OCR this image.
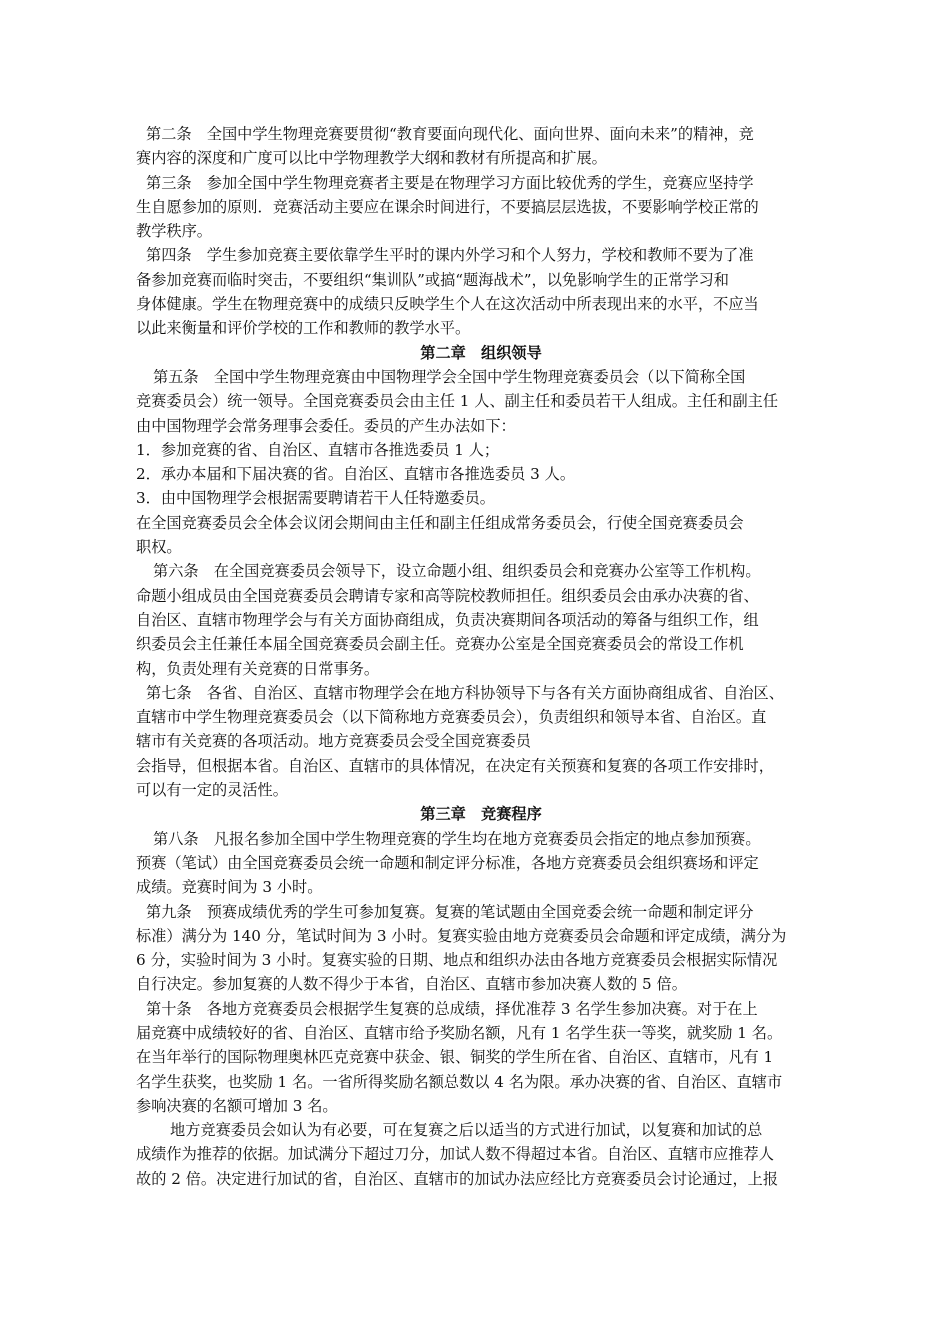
第二条　全国中学生物理竞赛要贯彻“教育要面向现代化、面向世界、面向未来”的精神，竞
赛内容的深度和广度可以比中学物理教学大纲和教材有所提高和扩展。
第三条　参加全国中学生物理竞赛者主要是在物理学习方面比较优秀的学生，竞赛应坚持学
生自愿参加的原则．竞赛活动主要应在课余时间进行，不要搞层层选拔，不要影响学校正常的
教学秩序。
第四条　学生参加竞赛主要依靠学生平时的课内外学习和个人努力，学校和教师不要为了准
备参加竞赛而临时突击，不要组织“集训队”或搞“题海战术”，以免影响学生的正常学习和
身体健康。学生在物理竞赛中的成绩只反映学生个人在这次活动中所表现出来的水平，不应当
以此来衡量和评价学校的工作和教师的教学水平。
第二章　组织领导
第五条　全国中学生物理竞赛由中国物理学会全国中学生物理竞赛委员会（以下简称全国
竞赛委员会）统一领导。全国竞赛委员会由主任 1 人、副主任和委员若干人组成。主任和副主任
由中国物理学会常务理事会委任。委员的产生办法如下：
1．参加竞赛的省、自治区、直辖市各推选委员 1 人；
2．承办本届和下届决赛的省。自治区、直辖市各推选委员 3 人。
3．由中国物理学会根据需要聘请若干人任特邀委员。
在全国竞赛委员会全体会议闭会期间由主任和副主任组成常务委员会，行使全国竞赛委员会
职权。
第六条　在全国竞赛委员会领导下，设立命题小组、组织委员会和竞赛办公室等工作机构。
命题小组成员由全国竞赛委员会聘请专家和高等院校教师担任。组织委员会由承办决赛的省、
自治区、直辖市物理学会与有关方面协商组成，负责决赛期间各项活动的筹备与组织工作，组
织委员会主任兼任本届全国竞赛委员会副主任。竞赛办公室是全国竞赛委员会的常设工作机
构，负责处理有关竞赛的日常事务。
第七条　各省、自治区、直辖市物理学会在地方科协领导下与各有关方面协商组成省、自治区、
直辖市中学生物理竞赛委员会（以下简称地方竞赛委员会），负责组织和领导本省、自治区。直
辖市有关竞赛的各项活动。地方竞赛委员会受全国竞赛委员
会指导，但根据本省。自治区、直辖市的具体情况，在决定有关预赛和复赛的各项工作安排时，
可以有一定的灵活性。
第三章　竞赛程序
第八条　凡报名参加全国中学生物理竞赛的学生均在地方竞赛委员会指定的地点参加预赛。
预赛（笔试）由全国竞赛委员会统一命题和制定评分标准，各地方竞赛委员会组织赛场和评定
成绩。竞赛时间为 3 小时。
第九条　预赛成绩优秀的学生可参加复赛。复赛的笔试题由全国竞委会统一命题和制定评分
标准）满分为 140 分，笔试时间为 3 小时。复赛实验由地方竞赛委员会命题和评定成绩，满分为
6 分，实验时间为 3 小时。复赛实验的日期、地点和组织办法由各地方竞赛委员会根据实际情况
自行决定。参加复赛的人数不得少于本省，自治区、直辖市参加决赛人数的 5 倍。
第十条　各地方竞赛委员会根据学生复赛的总成绩，择优准荐 3 名学生参加决赛。对于在上
届竞赛中成绩较好的省、自治区、直辖市给予奖励名额，凡有 1 名学生获一等奖，就奖励 1 名。
在当年举行的国际物理奥林匹克竞赛中获金、银、铜奖的学生所在省、自治区、直辖市，凡有 1
名学生获奖，也奖励 1 名。一省所得奖励名额总数以 4 名为限。承办决赛的省、自治区、直辖市
参响决赛的名额可增加 3 名。
地方竞赛委员会如认为有必要，可在复赛之后以适当的方式进行加试，以复赛和加试的总
成绩作为推荐的依据。加试满分下超过刀分，加试人数不得超过本省。自治区、直辖市应推荐人
故的 2 倍。决定进行加试的省，自治区、直辖市的加试办法应经比方竞赛委员会讨论通过，上报
